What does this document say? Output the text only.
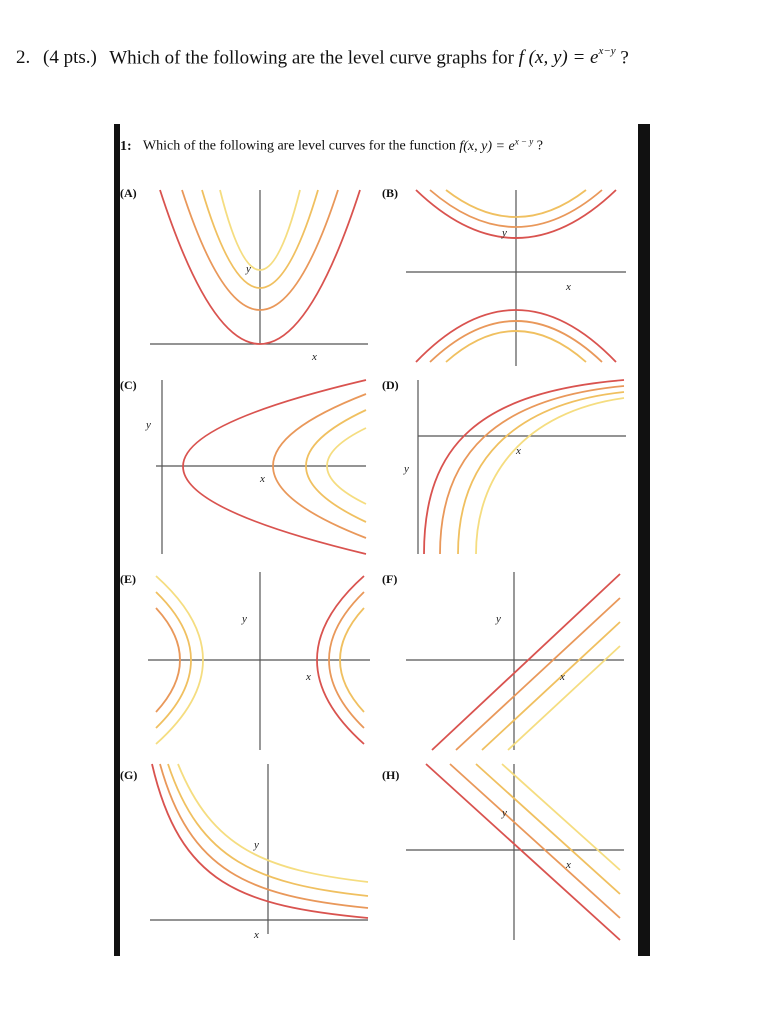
2. (4 pts.) Which of the following are the level curve graphs for f (x, $y) = e^{x-y}$ ?
1: Which of the following are level curves for the function f(x, $y) = e^{x - y}$ ?
(A)	(B)
(C)	(D)
(E)	(F)
(G)	(H)
y
x
y
x
y
x
y
x
y
x
y
x
y
x
y
x
